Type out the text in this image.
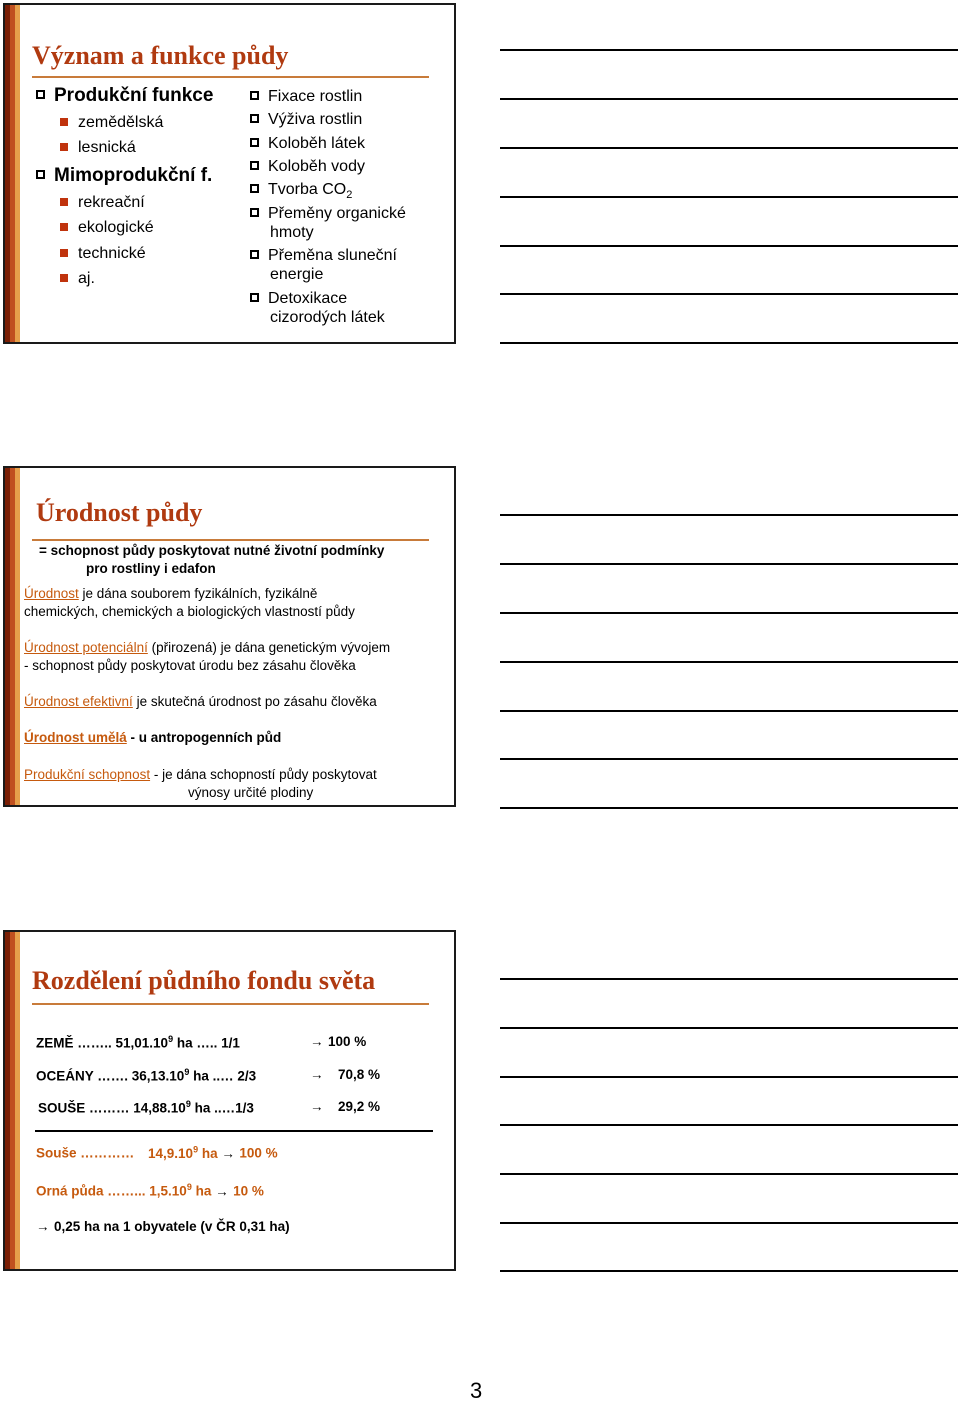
Význam a funkce půdy
Produkční funkce
zemědělská
lesnická
Mimoprodukční f.
rekreační
ekologické
technické
aj.
Fixace rostlin
Výživa rostlin
Koloběh látek
Koloběh vody
Tvorba $CO_2$
Přeměny organické
hmoty
Přeměna sluneční
energie
Detoxikace
cizorodých látek
Úrodnost půdy
= schopnost půdy poskytovat nutné životní podmínky
pro rostliny i edafon
Úrodnost je dána souborem fyzikálních, fyzikálně
chemických, chemických a biologických vlastností půdy
Úrodnost potenciální (přirozená) je dána genetickým vývojem
- schopnost půdy poskytovat úrodu bez zásahu člověka
Úrodnost efektivní je skutečná úrodnost po zásahu člověka
Úrodnost umělá - u antropogenních půd
Produkční schopnost - je dána schopností půdy poskytovat
výnosy určité plodiny
Rozdělení půdního fondu světa
ZEMĚ …….. 51,01.10$^9$ ha ….. 1/1	→ 100 %
OCEÁNY ……. 36,13.10$^9$ ha ..… 2/3	→ 70,8 %
SOUŠE ……… 14,88.10$^9$ ha ..…1/3	→ 29,2 %
Souše ………… 14,9.10$^9$ ha → 100 %
Orná půda ……... 1,5.10$^9$ ha → 10 %
→ 0,25 ha na 1 obyvatele (v ČR 0,31 ha)
3
